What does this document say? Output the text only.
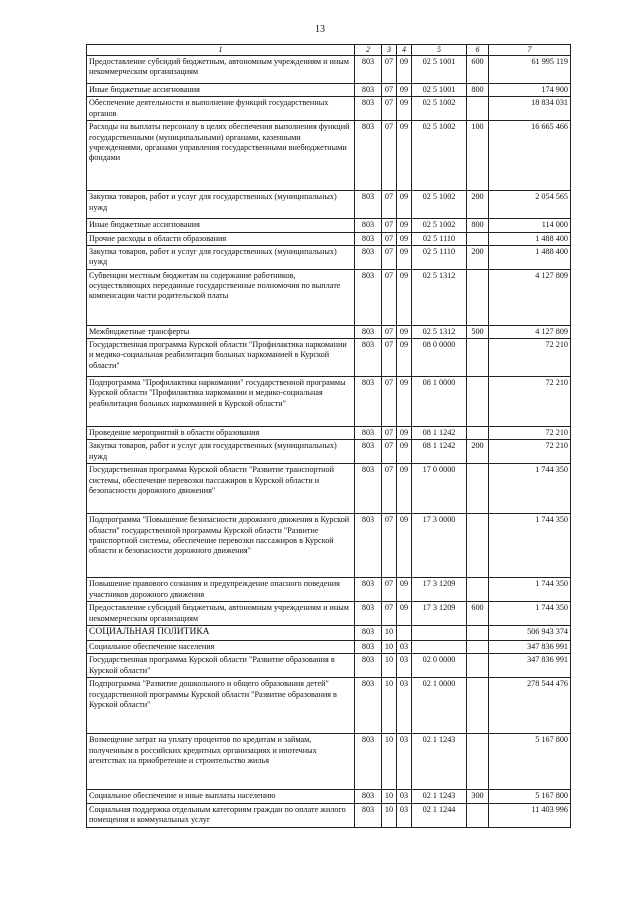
13
1	2	3	4	5	6	7
Предоставление субсидий бюджетным, автономным учреждениям и иным некоммерческим организациям	803	07	09	02 5 1001	600	61 995 119
Иные бюджетные ассигнования	803	07	09	02 5 1001	800	174 900
Обеспечение деятельности и выполнение функций государственных органов	803	07	09	02 5 1002		18 834 031
Расходы на выплаты персоналу в целях обеспечения выполнения функций государственными (муниципальными) органами, казенными учреждениями, органами управления государственными внебюджетными фондами	803	07	09	02 5 1002	100	16 665 466
Закупка товаров, работ и услуг для государственных (муниципальных) нужд	803	07	09	02 5 1002	200	2 054 565
Иные бюджетные ассигнования	803	07	09	02 5 1002	800	114 000
Прочие расходы в области образования	803	07	09	02 5 1110		1 488 400
Закупка товаров, работ и услуг для государственных (муниципальных) нужд	803	07	09	02 5 1110	200	1 488 400
Субвенции местным бюджетам на содержание работников, осуществляющих переданные государственные полномочия по выплате компенсации части родительской платы	803	07	09	02 5 1312		4 127 809
Межбюджетные трансферты	803	07	09	02 5 1312	500	4 127 809
Государственная программа Курской области "Профилактика наркомании и медико-социальная реабилитация больных наркоманией в Курской области"	803	07	09	08 0 0000		72 210
Подпрограмма "Профилактика наркомании" государственной программы Курской области "Профилактика наркомании и медико-социальная реабилитация больных наркоманией в Курской области"	803	07	09	08 1 0000		72 210
Проведение мероприятий в области образования	803	07	09	08 1 1242		72 210
Закупка товаров, работ и услуг для государственных (муниципальных) нужд	803	07	09	08 1 1242	200	72 210
Государственная программа Курской области "Развитие транспортной системы, обеспечение перевозки пассажиров в Курской области и безопасности дорожного движения"	803	07	09	17 0 0000		1 744 350
Подпрограмма "Повышение безопасности дорожного движения в Курской области" государственной программы Курской области "Развитие транспортной системы, обеспечение перевозки пассажиров в Курской области и безопасности дорожного движения"	803	07	09	17 3 0000		1 744 350
Повышение правового сознания и предупреждение опасного поведения участников дорожного движения	803	07	09	17 3 1209		1 744 350
Предоставление субсидий бюджетным, автономным учреждениям и иным некоммерческим организациям	803	07	09	17 3 1209	600	1 744 350
СОЦИАЛЬНАЯ ПОЛИТИКА	803	10				506 943 374
Социальное обеспечение населения	803	10	03			347 836 991
Государственная программа Курской области "Развитие образования в Курской области"	803	10	03	02 0 0000		347 836 991
Подпрограмма "Развитие дошкольного и общего образования детей" государственной программы Курской области "Развитие образования в Курской области"	803	10	03	02 1 0000		278 544 476
Возмещение затрат на уплату процентов по кредитам и займам, полученным в российских кредитных организациях и ипотечных агентствах на приобретение и строительство жилья	803	10	03	02 1 1243		5 167 800
Социальное обеспечение и иные выплаты населению	803	10	03	02 1 1243	300	5 167 800
Социальная поддержка отдельным категориям граждан по оплате жилого помещения и коммунальных услуг	803	10	03	02 1 1244		11 403 996
